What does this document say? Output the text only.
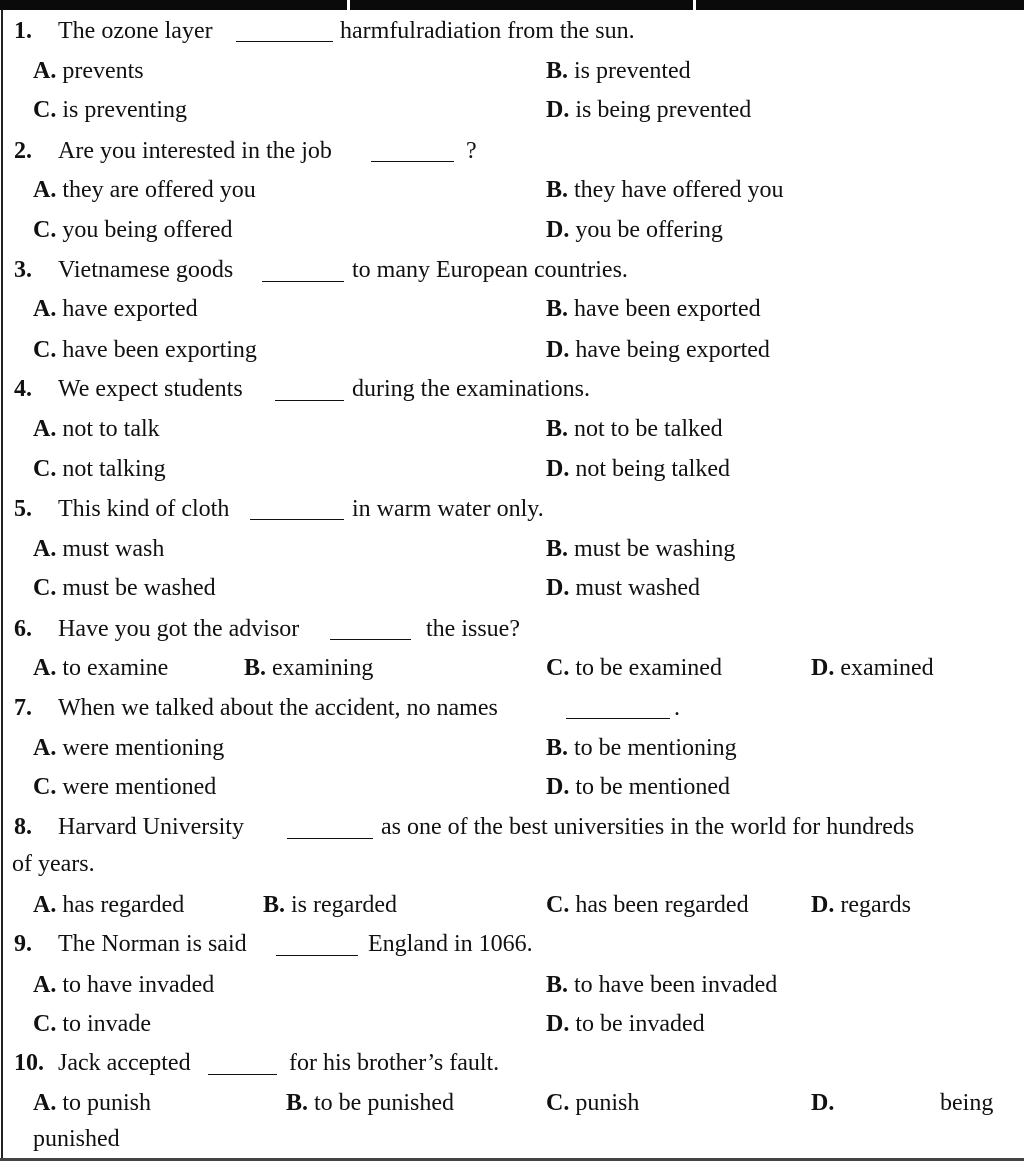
1. The ozone layer	harmfulradiation from the sun.
A. prevents	B. is prevented
C. is preventing	D. is being prevented
2. Are you interested in the job	?
A. they are offered you	B. they have offered you
C. you being offered	D. you be offering
3. Vietnamese goods	to many European countries.
A. have exported	B. have been exported
C. have been exporting	D. have being exported
4. We expect students	during the examinations.
A. not to talk	B. not to be talked
C. not talking	D. not being talked
5. This kind of cloth	in warm water only.
A. must wash	B. must be washing
C. must be washed	D. must washed
6. Have you got the advisor	the issue?
A. to examine	B. examining	C. to be examined	D. examined
7. When we talked about the accident, no names	.
A. were mentioning	B. to be mentioning
C. were mentioned	D. to be mentioned
8. Harvard University	as one of the best universities in the world for hundreds
of years.
A. has regarded	B. is regarded	C. has been regarded	D. regards
9. The Norman is said	England in 1066.
A. to have invaded	B. to have been invaded
C. to invade	D. to be invaded
10. Jack accepted	for his brother’s fault.
A. to punish	B. to be punished	C. punish	D.	being
punished
